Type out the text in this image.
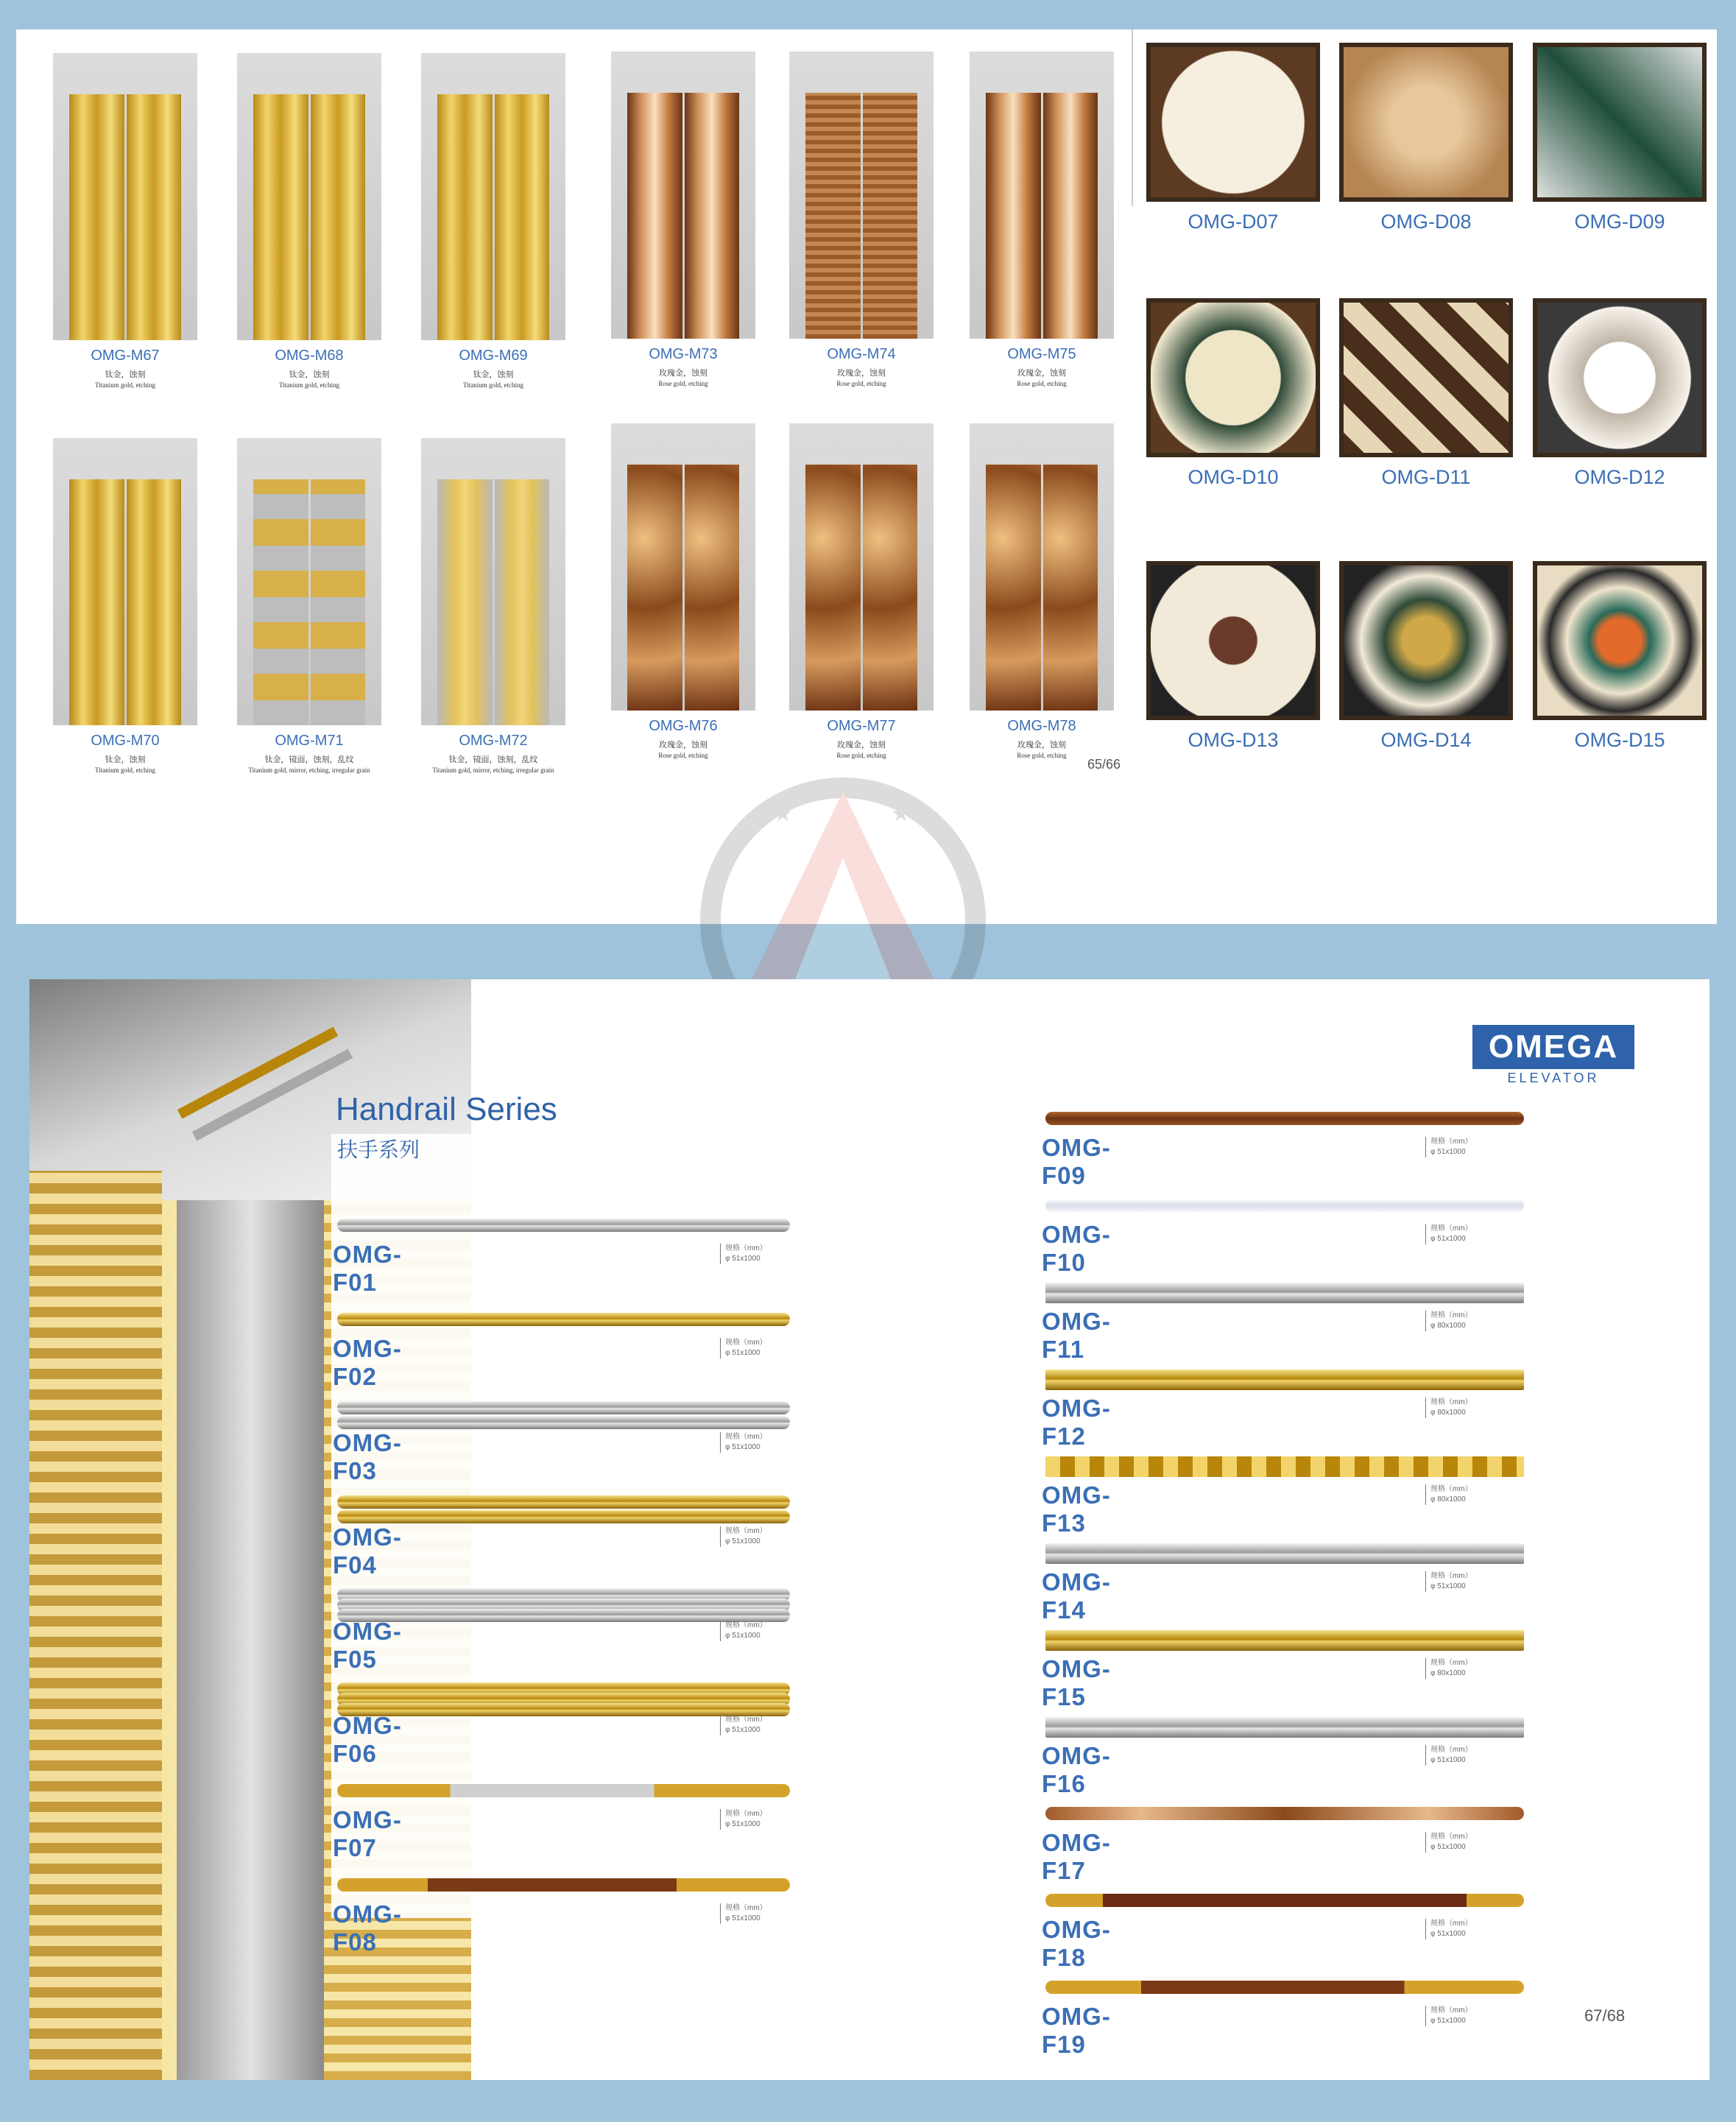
OMG-M67
钛金，蚀刻
Titanium gold, etching
OMG-M68
钛金，蚀刻
Titanium gold, etching
OMG-M69
钛金，蚀刻
Titanium gold, etching
OMG-M73
玫瑰金，蚀刻
Rose gold, etching
OMG-M74
玫瑰金，蚀刻
Rose gold, etching
OMG-M75
玫瑰金，蚀刻
Rose gold, etching
OMG-M70
钛金，蚀刻
Titanium gold, etching
OMG-M71
钛金，镜面，蚀刻，乱纹
Titanium gold, mirror, etching, irregular grain
OMG-M72
钛金，镜面，蚀刻，乱纹
Titanium gold, mirror, etching, irregular grain
OMG-M76
玫瑰金，蚀刻
Rose gold, etching
OMG-M77
玫瑰金，蚀刻
Rose gold, etching
OMG-M78
玫瑰金，蚀刻
Rose gold, etching
65/66
OMG-D07	OMG-D08	OMG-D09
OMG-D10	OMG-D11	OMG-D12
OMG-D13	OMG-D14	OMG-D15
★	★
Handrail Series
扶手系列
OMEGA
ELEVATOR
OMG-F01
规格（mm）
φ 51x1000
OMG-F02
规格（mm）
φ 51x1000
OMG-F03
规格（mm）
φ 51x1000
OMG-F04
规格（mm）
φ 51x1000
OMG-F05
规格（mm）
φ 51x1000
OMG-F06
规格（mm）
φ 51x1000
OMG-F07
规格（mm）
φ 51x1000
OMG-F08
规格（mm）
φ 51x1000
OMG-F09
规格（mm）
φ 51x1000
OMG-F10
规格（mm）
φ 51x1000
OMG-F11
规格（mm）
φ 80x1000
OMG-F12
规格（mm）
φ 80x1000
OMG-F13
规格（mm）
φ 80x1000
OMG-F14
规格（mm）
φ 51x1000
OMG-F15
规格（mm）
φ 80x1000
OMG-F16
规格（mm）
φ 51x1000
OMG-F17
规格（mm）
φ 51x1000
OMG-F18
规格（mm）
φ 51x1000
OMG-F19
规格（mm）
φ 51x1000	67/68
